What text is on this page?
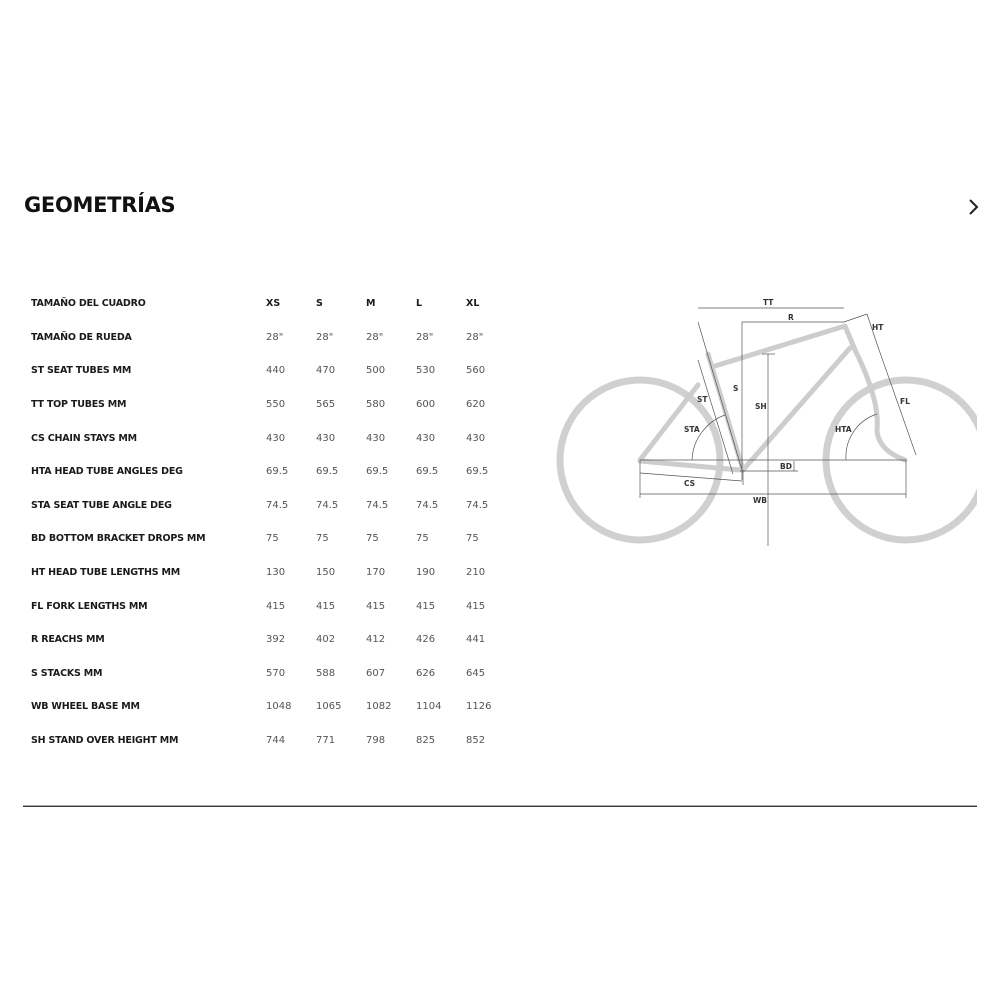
GEOMETRÍAS
TAMAÑO DEL CUADRO	XS	S	M	L	XL
TAMAÑO DE RUEDA	28"	28"	28"	28"	28"
ST SEAT TUBES MM	440	470	500	530	560
TT TOP TUBES MM	550	565	580	600	620
CS CHAIN STAYS MM	430	430	430	430	430
HTA HEAD TUBE ANGLES DEG	69.5	69.5	69.5	69.5	69.5
STA SEAT TUBE ANGLE DEG	74.5	74.5	74.5	74.5	74.5
BD BOTTOM BRACKET DROPS MM	75	75	75	75	75
HT HEAD TUBE LENGTHS MM	130	150	170	190	210
FL FORK LENGTHS MM	415	415	415	415	415
R REACHS MM	392	402	412	426	441
S STACKS MM	570	588	607	626	645
WB WHEEL BASE MM	1048	1065	1082	1104	1126
SH STAND OVER HEIGHT MM	744	771	798	825	852
TT
R
HT
S
ST
SH
FL
STA	HTA
BD
CS
WB
